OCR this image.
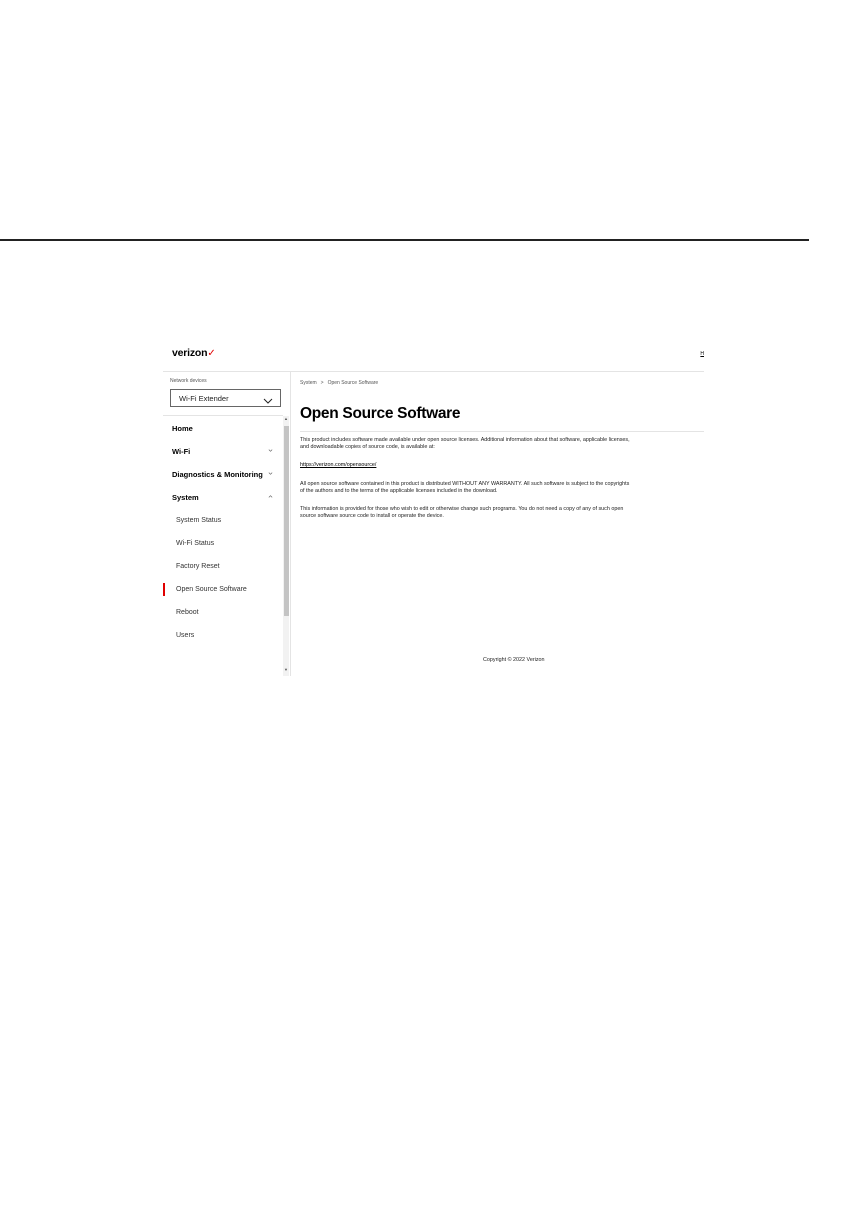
verizon✓	H
Network devices
Wi-Fi Extender
Home
Wi-Fi
Diagnostics & Monitoring
System
System Status
Wi-Fi Status
Factory Reset
Open Source Software
Reboot
Users
▲
▼
System > Open Source Software
Open Source Software
This product includes software made available under open source licenses. Additional information about that software, applicable licenses, and downloadable copies of source code, is available at:
https://verizon.com/opensource/
All open source software contained in this product is distributed WITHOUT ANY WARRANTY. All such software is subject to the copyrights of the authors and to the terms of the applicable licenses included in the download.
This information is provided for those who wish to edit or otherwise change such programs. You do not need a copy of any of such open source software source code to install or operate the device.
Copyright © 2022 Verizon
